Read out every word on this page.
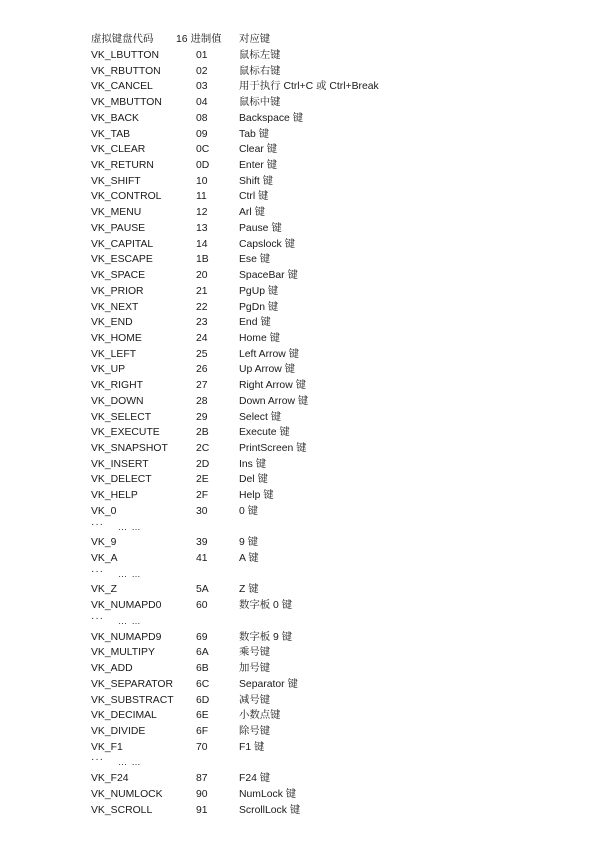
虚拟键盘代码 16 进制值 对应键
VK_LBUTTON	01	鼠标左键
VK_RBUTTON	02	鼠标右键
VK_CANCEL	03	用于执行 Ctrl+C 或 Ctrl+Break
VK_MBUTTON	04	鼠标中键
VK_BACK	08	Backspace 键
VK_TAB	09	Tab 键
VK_CLEAR	0C	Clear 键
VK_RETURN	0D	Enter 键
VK_SHIFT	10	Shift 键
VK_CONTROL	11	Ctrl 键
VK_MENU	12	Arl 键
VK_PAUSE	13	Pause 键
VK_CAPITAL	14	Capslock 键
VK_ESCAPE	1B	Ese 键
VK_SPACE	20	SpaceBar 键
VK_PRIOR	21	PgUp 键
VK_NEXT	22	PgDn 键
VK_END	23	End 键
VK_HOME	24	Home 键
VK_LEFT	25	Left Arrow 键
VK_UP	26	Up Arrow 键
VK_RIGHT	27	Right Arrow 键
VK_DOWN	28	Down Arrow 键
VK_SELECT	29	Select 键
VK_EXECUTE	2B	Execute 键
VK_SNAPSHOT	2C	PrintScreen 键
VK_INSERT	2D	Ins 键
VK_DELECT	2E	Del 键
VK_HELP	2F	Help 键
VK_0	30	0 键
··· … …
VK_9	39	9 键
VK_A	41	A 键
··· … …
VK_Z	5A	Z 键
VK_NUMAPD0	60	数字板 0 键
··· … …
VK_NUMAPD9	69	数字板 9 键
VK_MULTIPY	6A	乘号键
VK_ADD	6B	加号键
VK_SEPARATOR 6C	Separator 键
VK_SUBSTRACT 6D	减号键
VK_DECIMAL	6E	小数点键
VK_DIVIDE	6F	除号键
VK_F1	70	F1 键
··· … …
VK_F24	87	F24 键
VK_NUMLOCK	90	NumLock 键
VK_SCROLL	91	ScrollLock 键
